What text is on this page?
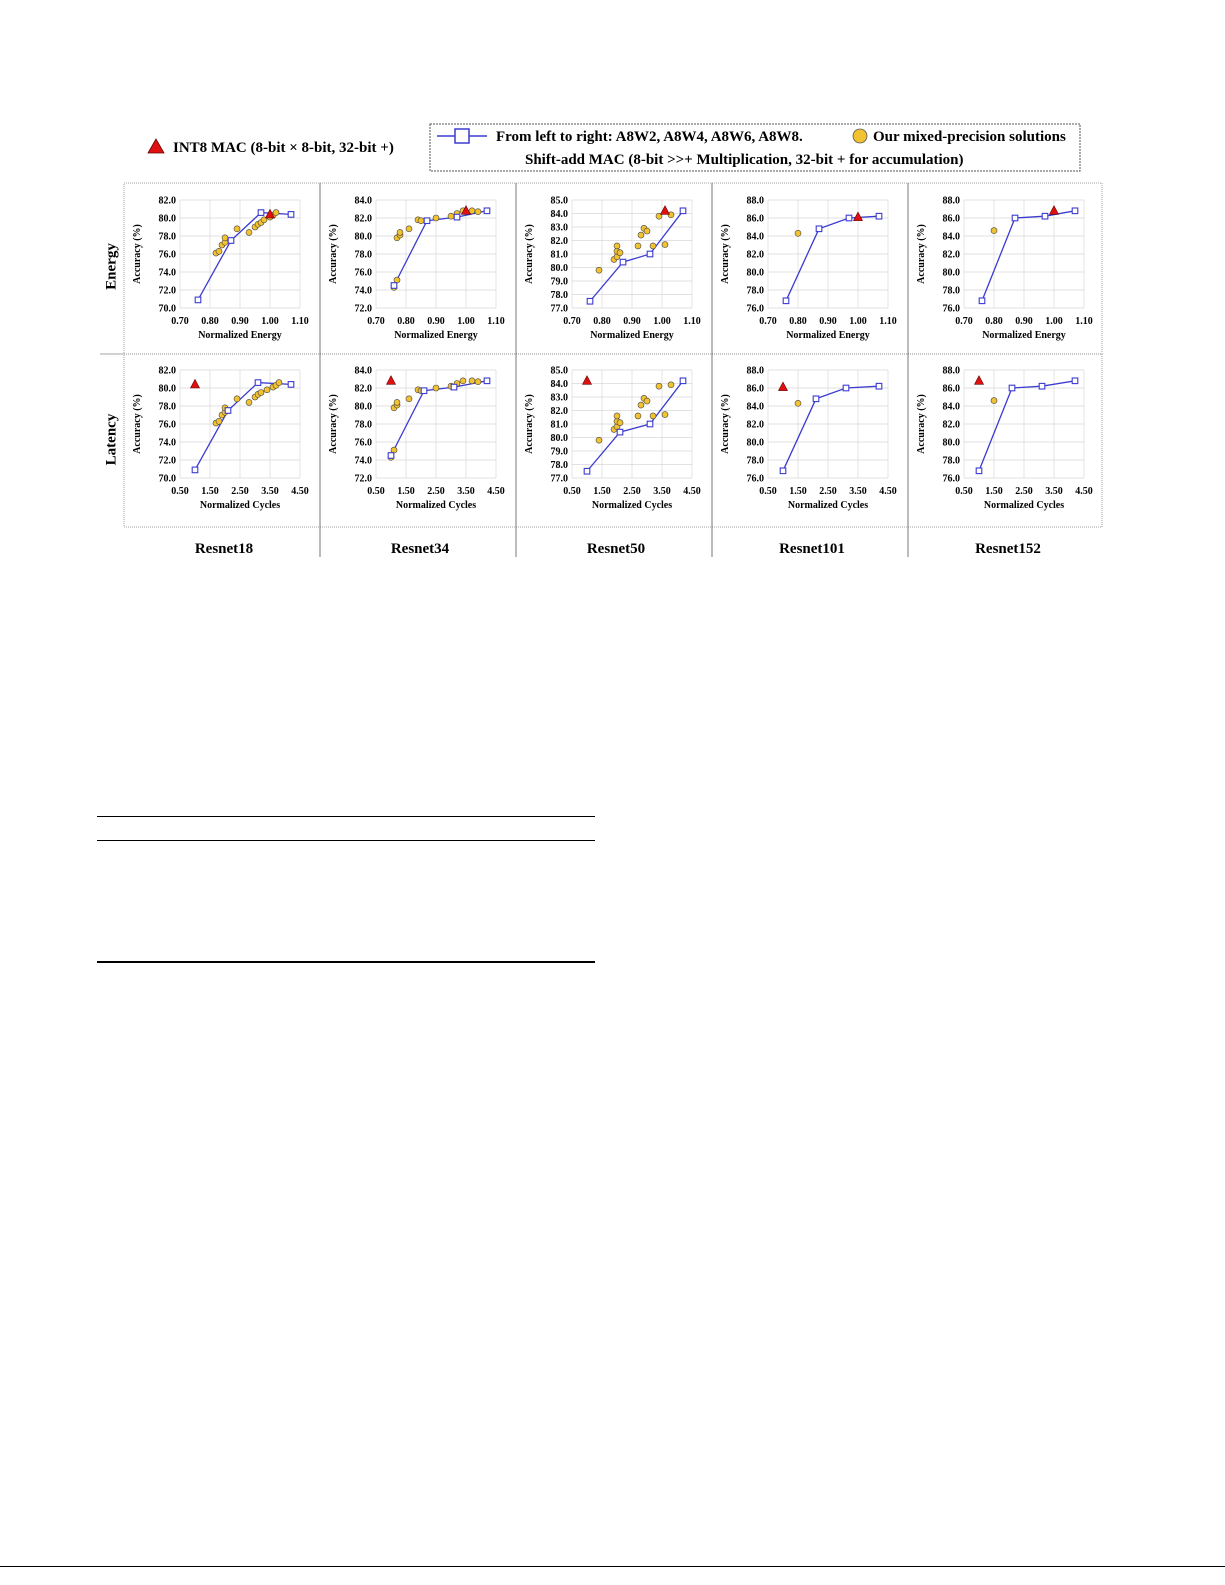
INT8 MAC (8-bit × 8-bit, 32-bit +)
From left to right: A8W2, A8W4, A8W6, A8W8.	Our mixed-precision solutions
Shift-add MAC (8-bit >>+ Multiplication, 32-bit + for accumulation)
0.70 0.80 0.90 1.00 1.10
70.0
72.0
74.0
76.0
78.0
80.0
82.0
Normalized Energy
Accuracy (%)
0.70 0.80 0.90 1.00 1.10
72.0
74.0
76.0
78.0
80.0
82.0
84.0
Normalized Energy
Accuracy (%)
0.70 0.80 0.90 1.00 1.10
77.0
78.0
79.0
80.0
81.0
82.0
83.0
84.0
85.0
Normalized Energy
Accuracy (%)
0.70 0.80 0.90 1.00 1.10
76.0
78.0
80.0
82.0
84.0
86.0
88.0
Normalized Energy
Accuracy (%)
0.70 0.80 0.90 1.00 1.10
76.0
78.0
80.0
82.0
84.0
86.0
88.0
Normalized Energy
Accuracy (%)
0.50 1.50 2.50 3.50 4.50
70.0
72.0
74.0
76.0
78.0
80.0
82.0
Normalized Cycles
Accuracy (%)
0.50 1.50 2.50 3.50 4.50
72.0
74.0
76.0
78.0
80.0
82.0
84.0
Normalized Cycles
Accuracy (%)
0.50 1.50 2.50 3.50 4.50
77.0
78.0
79.0
80.0
81.0
82.0
83.0
84.0
85.0
Normalized Cycles
Accuracy (%)
0.50 1.50 2.50 3.50 4.50
76.0
78.0
80.0
82.0
84.0
86.0
88.0
Normalized Cycles
Accuracy (%)
0.50 1.50 2.50 3.50 4.50
76.0
78.0
80.0
82.0
84.0
86.0
88.0
Normalized Cycles
Accuracy (%)
Energy
Latency
Resnet18	Resnet34	Resnet50	Resnet101	Resnet152
